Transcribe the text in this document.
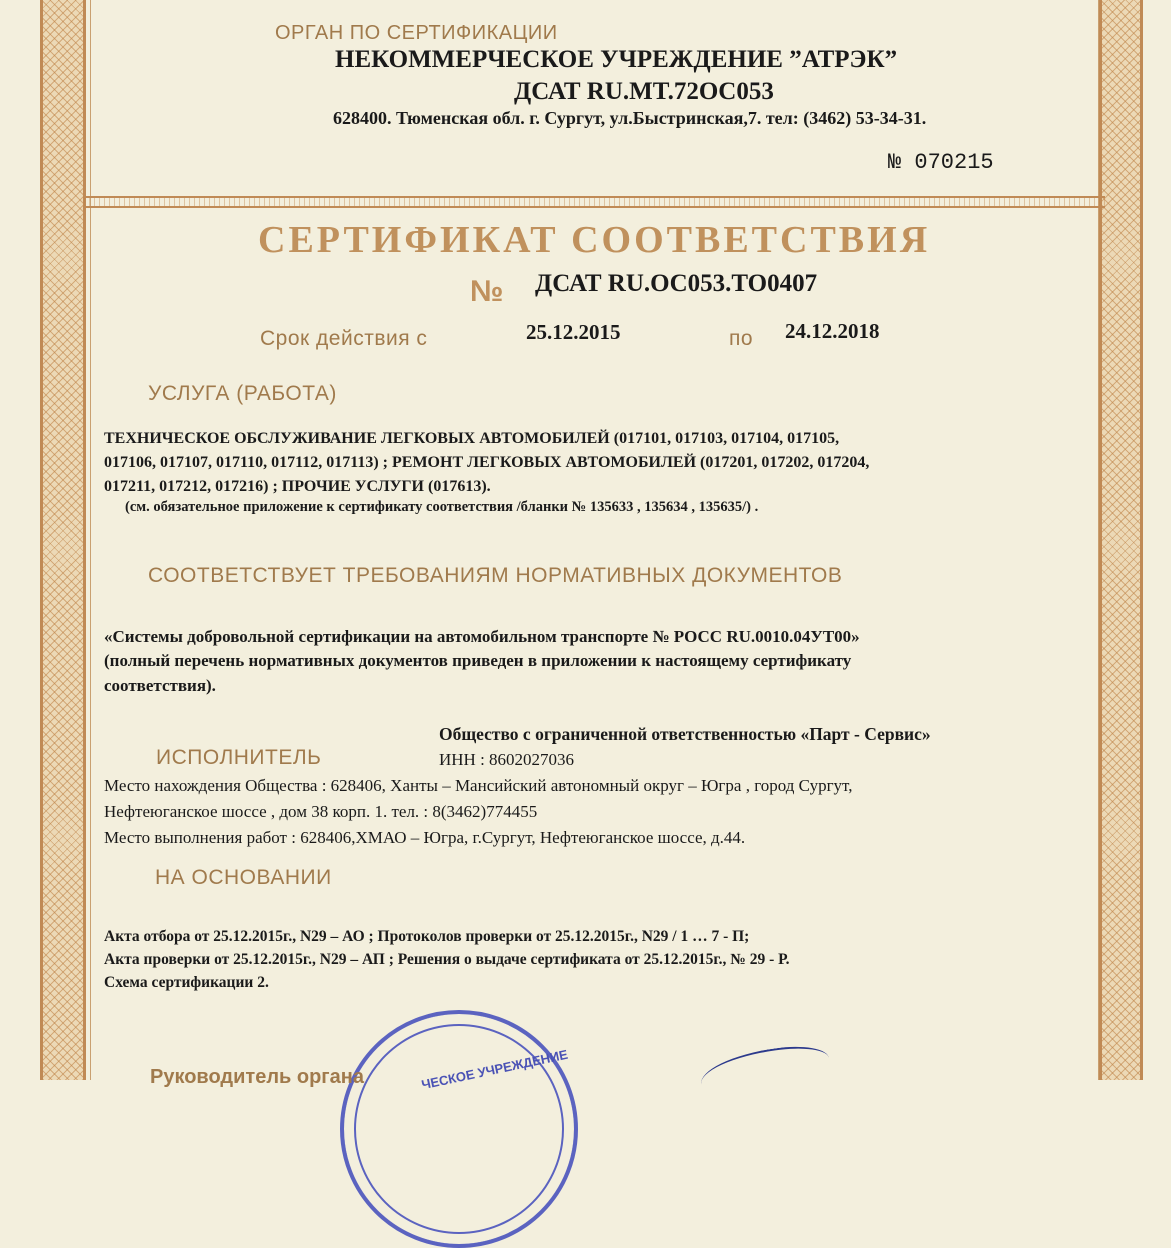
ОРГАН ПО СЕРТИФИКАЦИИ
НЕКОММЕРЧЕСКОЕ УЧРЕЖДЕНИЕ ”АТРЭК”
ДСАТ RU.MT.72OC053
628400. Тюменская обл. г. Сургут, ул.Быстринская,7. тел: (3462) 53-34-31.
№ 070215
СЕРТИФИКАТ СООТВЕТСТВИЯ
№ ДСАТ RU.OC053.TO0407
Срок действия с	25.12.2015	по 24.12.2018
УСЛУГА (РАБОТА)
ТЕХНИЧЕСКОЕ ОБСЛУЖИВАНИЕ ЛЕГКОВЫХ АВТОМОБИЛЕЙ (017101, 017103, 017104, 017105,
017106, 017107, 017110, 017112, 017113) ; РЕМОНТ ЛЕГКОВЫХ АВТОМОБИЛЕЙ (017201, 017202, 017204,
017211, 017212, 017216) ; ПРОЧИЕ УСЛУГИ (017613).
(см. обязательное приложение к сертификату соответствия /бланки № 135633 , 135634 , 135635/) .
СООТВЕТСТВУЕТ ТРЕБОВАНИЯМ НОРМАТИВНЫХ ДОКУМЕНТОВ
«Системы добровольной сертификации на автомобильном транспорте № РОСС RU.0010.04УТ00»
(полный перечень нормативных документов приведен в приложении к настоящему сертификату
соответствия).
Общество с ограниченной ответственностью «Парт - Сервис»
ИСПОЛНИТЕЛЬ	ИНН : 8602027036
Место нахождения Общества : 628406, Ханты – Мансийский автономный округ – Югра , город Сургут,
Нефтеюганское шоссе , дом 38 корп. 1. тел. : 8(3462)774455
Место выполнения работ : 628406,ХМАО – Югра, г.Сургут, Нефтеюганское шоссе, д.44.
НА ОСНОВАНИИ
Акта отбора от 25.12.2015г., N29 – АО ; Протоколов проверки от 25.12.2015г., N29 / 1 … 7 - П;
Акта проверки от 25.12.2015г., N29 – АП ; Решения о выдаче сертификата от 25.12.2015г., № 29 - Р.
Схема сертификации 2.
ЧЕСКОЕ УЧРЕЖДЕНИЕ
Руководитель органа
